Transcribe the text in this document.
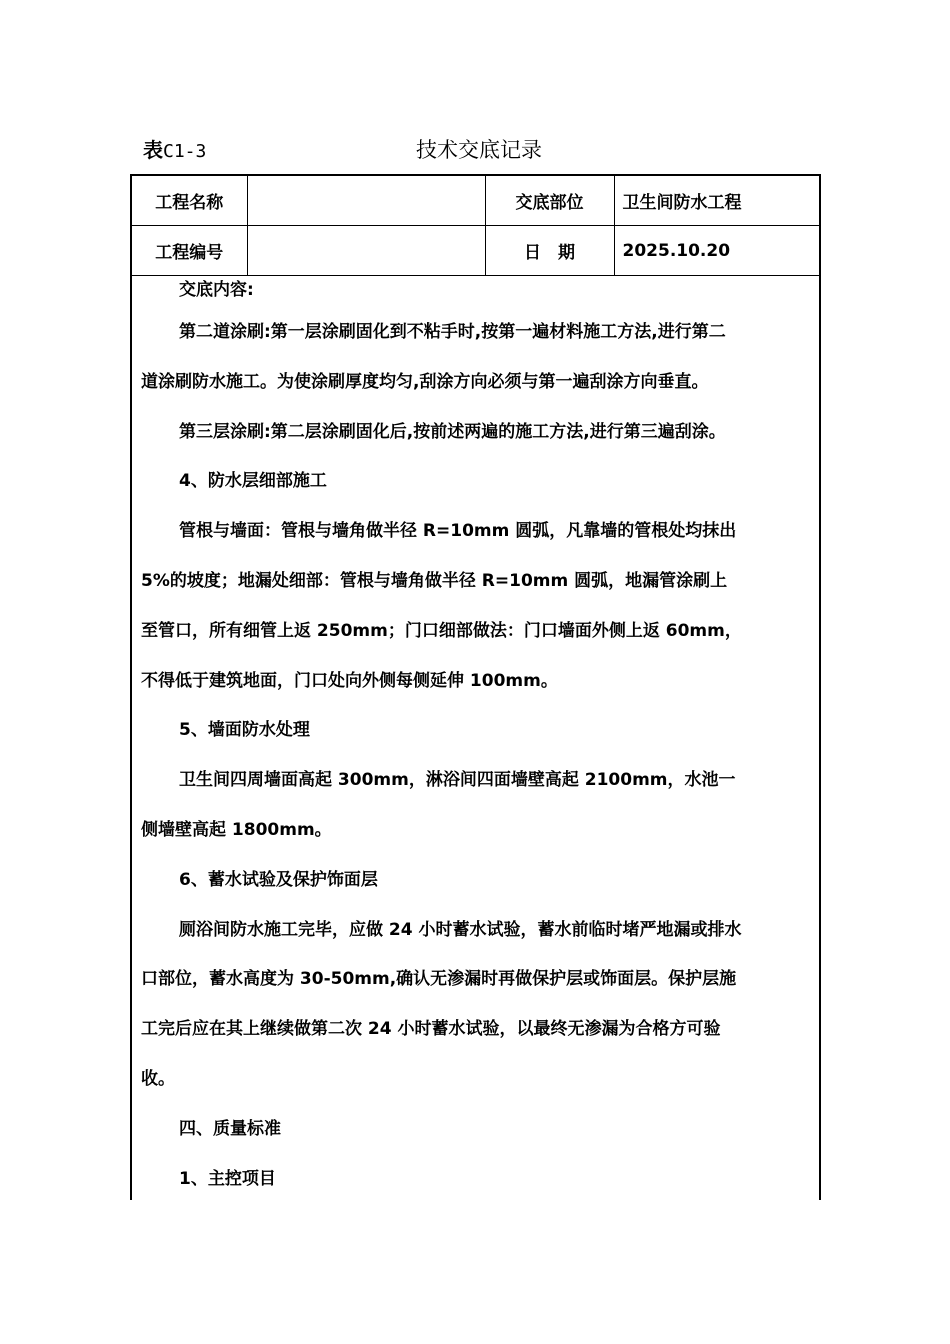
表C1-3	技术交底记录
工程名称		交底部位	卫生间防水工程
工程编号		日　期	2025.10.20

交底内容:

第二道涂刷:第一层涂刷固化到不粘手时,按第一遍材料施工方法,进行第二

道涂刷防水施工。为使涂刷厚度均匀,刮涂方向必须与第一遍刮涂方向垂直。

第三层涂刷:第二层涂刷固化后,按前述两遍的施工方法,进行第三遍刮涂。

4、防水层细部施工

管根与墙面：管根与墙角做半径 R=10mm 圆弧，凡靠墙的管根处均抹出

5%的坡度；地漏处细部：管根与墙角做半径 R=10mm 圆弧，地漏管涂刷上

至管口，所有细管上返 250mm；门口细部做法：门口墙面外侧上返 60mm，

不得低于建筑地面，门口处向外侧每侧延伸 100mm。

5、墙面防水处理

卫生间四周墙面高起 300mm，淋浴间四面墙壁高起 2100mm，水池一

侧墙壁高起 1800mm。

6、蓄水试验及保护饰面层

厕浴间防水施工完毕，应做 24 小时蓄水试验，蓄水前临时堵严地漏或排水

口部位，蓄水高度为 30-50mm,确认无渗漏时再做保护层或饰面层。保护层施

工完后应在其上继续做第二次 24 小时蓄水试验，以最终无渗漏为合格方可验

收。

四、质量标准

1、主控项目
